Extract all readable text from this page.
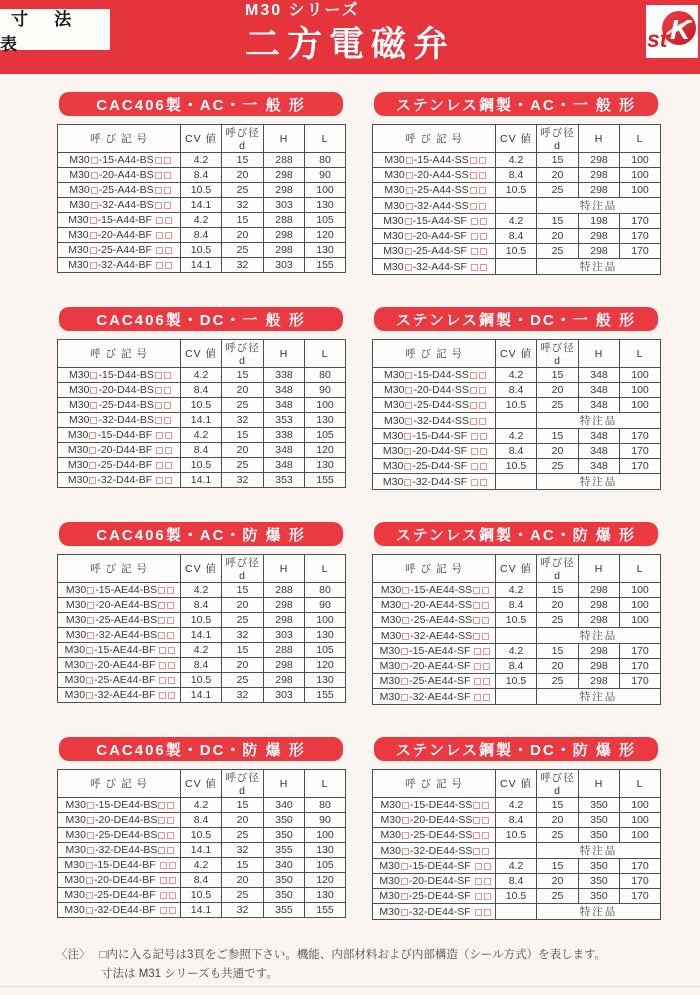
寸 法 表
M30 シリーズ
二方電磁弁	K
st
CAC406製・AC・一 般 形
呼 び 記 号	CV 値	呼び径 d	H	L
M30 -15-A44-BS	4.2	15	288	80
M30 -20-A44-BS	8.4	20	298	90
M30 -25-A44-BS	10.5	25	298	100
M30 -32-A44-BS	14.1	32	303	130
M30 -15-A44-BF	4.2	15	288	105
M30 -20-A44-BF	8.4	20	298	120
M30 -25-A44-BF	10.5	25	298	130
M30 -32-A44-BF	14.1	32	303	155
ステンレス鋼製・AC・一 般 形
呼 び 記 号	CV 値	呼び径 d	H	L
M30 -15-A44-SS	4.2	15	298	100
M30 -20-A44-SS	8.4	20	298	100
M30 -25-A44-SS	10.5	25	298	100
M30 -32-A44-SS		特注品		
M30 -15-A44-SF	4.2	15	198	170
M30 -20-A44-SF	8.4	20	298	170
M30 -25-A44-SF	10.5	25	298	170
M30 -32-A44-SF		特注品		
CAC406製・DC・一 般 形
呼 び 記 号	CV 値	呼び径 d	H	L
M30 -15-D44-BS	4.2	15	338	80
M30 -20-D44-BS	8.4	20	348	90
M30 -25-D44-BS	10.5	25	348	100
M30 -32-D44-BS	14.1	32	353	130
M30 -15-D44-BF	4.2	15	338	105
M30 -20-D44-BF	8.4	20	348	120
M30 -25-D44-BF	10.5	25	348	130
M30 -32-D44-BF	14.1	32	353	155
ステンレス鋼製・DC・一 般 形
呼 び 記 号	CV 値	呼び径 d	H	L
M30 -15-D44-SS	4.2	15	348	100
M30 -20-D44-SS	8.4	20	348	100
M30 -25-D44-SS	10.5	25	348	100
M30 -32-D44-SS		特注品		
M30 -15-D44-SF	4.2	15	348	170
M30 -20-D44-SF	8.4	20	348	170
M30 -25-D44-SF	10.5	25	348	170
M30 -32-D44-SF		特注品		
CAC406製・AC・防 爆 形
呼 び 記 号	CV 値	呼び径 d	H	L
M30 -15-AE44-BS	4.2	15	288	80
M30 -20-AE44-BS	8.4	20	298	90
M30 -25-AE44-BS	10.5	25	298	100
M30 -32-AE44-BS	14.1	32	303	130
M30 -15-AE44-BF	4.2	15	288	105
M30 -20-AE44-BF	8.4	20	298	120
M30 -25-AE44-BF	10.5	25	298	130
M30 -32-AE44-BF	14.1	32	303	155
ステンレス鋼製・AC・防 爆 形
呼 び 記 号	CV 値	呼び径 d	H	L
M30 -15-AE44-SS	4.2	15	298	100
M30 -20-AE44-SS	8.4	20	298	100
M30 -25-AE44-SS	10.5	25	298	100
M30 -32-AE44-SS		特注品		
M30 -15-AE44-SF	4.2	15	298	170
M30 -20-AE44-SF	8.4	20	298	170
M30 -25-AE44-SF	10.5	25	298	170
M30 -32-AE44-SF		特注品		
CAC406製・DC・防 爆 形
呼 び 記 号	CV 値	呼び径 d	H	L
M30 -15-DE44-BS	4.2	15	340	80
M30 -20-DE44-BS	8.4	20	350	90
M30 -25-DE44-BS	10.5	25	350	100
M30 -32-DE44-BS	14.1	32	355	130
M30 -15-DE44-BF	4.2	15	340	105
M30 -20-DE44-BF	8.4	20	350	120
M30 -25-DE44-BF	10.5	25	350	130
M30 -32-DE44-BF	14.1	32	355	155
ステンレス鋼製・DC・防 爆 形
呼 び 記 号	CV 値	呼び径 d	H	L
M30 -15-DE44-SS	4.2	15	350	100
M30 -20-DE44-SS	8.4	20	350	100
M30 -25-DE44-SS	10.5	25	350	100
M30 -32-DE44-SS		特注品		
M30 -15-DE44-SF	4.2	15	350	170
M30 -20-DE44-SF	8.4	20	350	170
M30 -25-DE44-SF	10.5	25	350	170
M30 -32-DE44-SF		特注品		
〈注〉 □内に入る記号は3頁をご参照下さい。機能、内部材料および内部構造（シール方式）を表します。
寸法は M31 シリーズも共通です。
